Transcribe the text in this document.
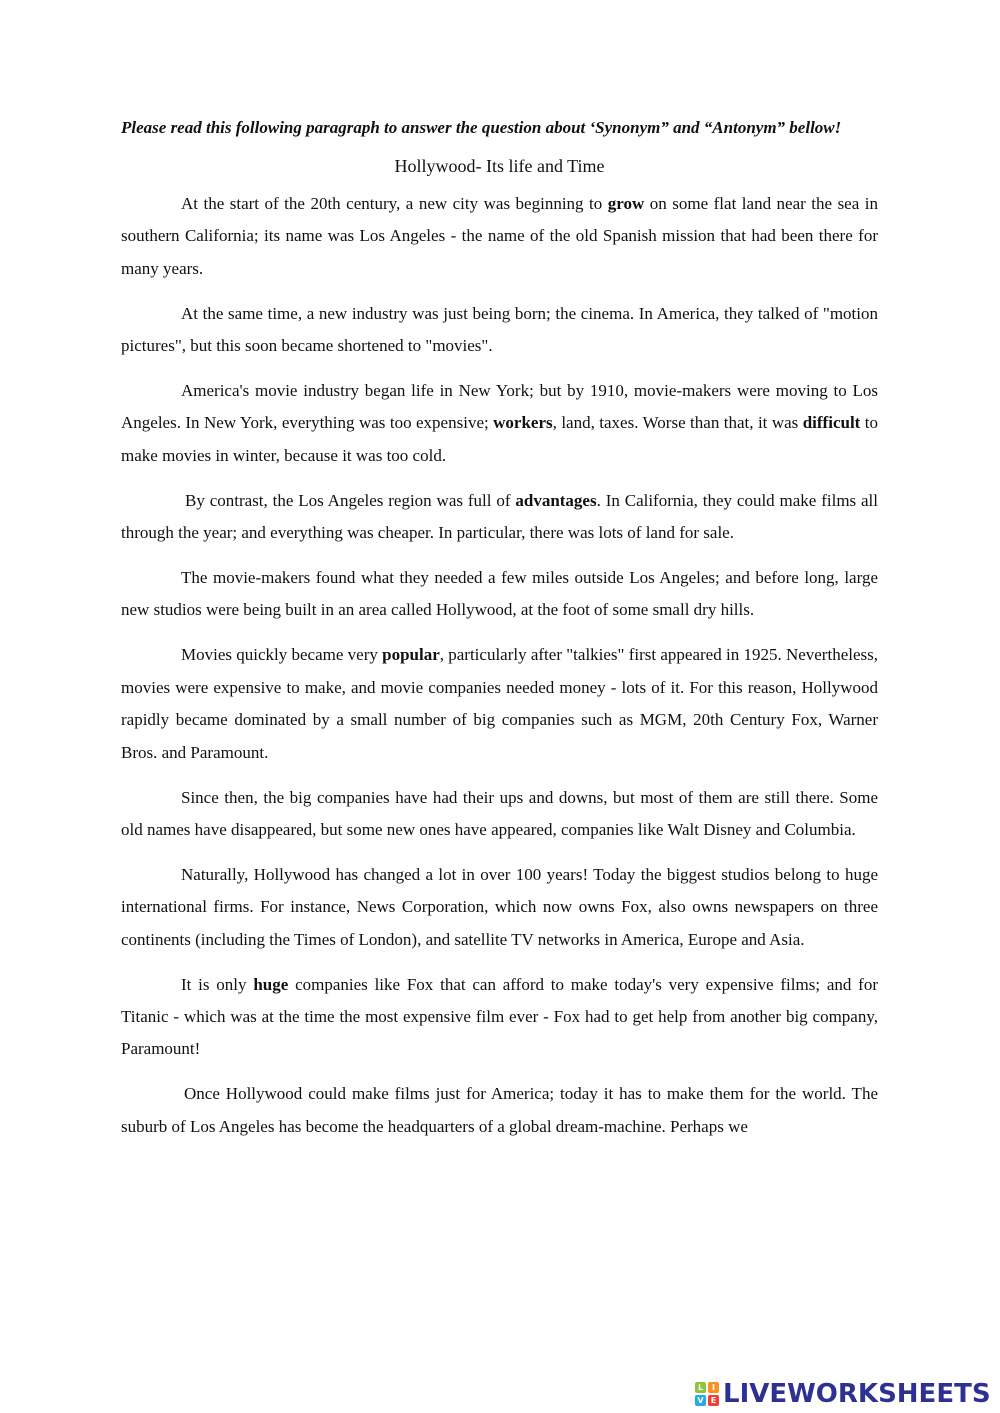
Please read this following paragraph to answer the question about ‘Synonym” and “Antonym” bellow!

Hollywood- Its life and Time

At the start of the 20th century, a new city was beginning to grow on some flat land near the sea in southern California; its name was Los Angeles - the name of the old Spanish mission that had been there for many years.

At the same time, a new industry was just being born; the cinema. In America, they talked of "motion pictures", but this soon became shortened to "movies".

America's movie industry began life in New York; but by 1910, movie-makers were moving to Los Angeles. In New York, everything was too expensive; workers, land, taxes. Worse than that, it was difficult to make movies in winter, because it was too cold.

By contrast, the Los Angeles region was full of advantages. In California, they could make films all through the year; and everything was cheaper. In particular, there was lots of land for sale.

The movie-makers found what they needed a few miles outside Los Angeles; and before long, large new studios were being built in an area called Hollywood, at the foot of some small dry hills.

Movies quickly became very popular, particularly after "talkies" first appeared in 1925. Nevertheless, movies were expensive to make, and movie companies needed money - lots of it. For this reason, Hollywood rapidly became dominated by a small number of big companies such as MGM, 20th Century Fox, Warner Bros. and Paramount.

Since then, the big companies have had their ups and downs, but most of them are still there. Some old names have disappeared, but some new ones have appeared, companies like Walt Disney and Columbia.

Naturally, Hollywood has changed a lot in over 100 years! Today the biggest studios belong to huge international firms. For instance, News Corporation, which now owns Fox, also owns newspapers on three continents (including the Times of London), and satellite TV networks in America, Europe and Asia.

It is only huge companies like Fox that can afford to make today's very expensive films; and for Titanic - which was at the time the most expensive film ever - Fox had to get help from another big company, Paramount!

Once Hollywood could make films just for America; today it has to make them for the world. The suburb of Los Angeles has become the headquarters of a global dream-machine. Perhaps we

L	I
V E LIVEWORKSHEETS
